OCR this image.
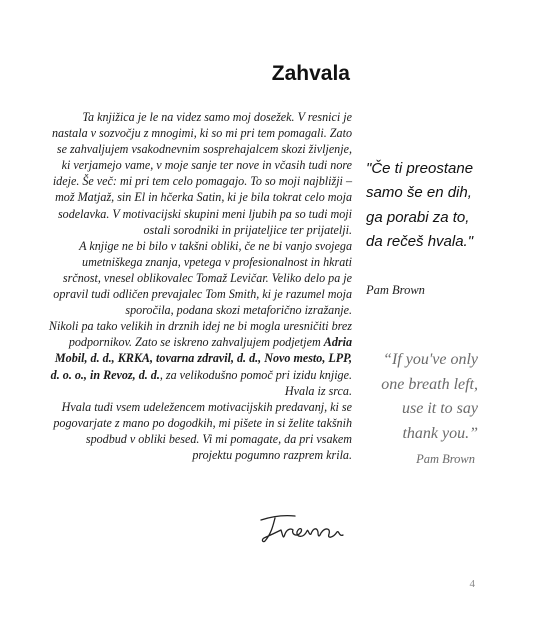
Zahvala

Ta knjižica je le na videz samo moj dosežek. V resnici je nastala v sozvočju z mnogimi, ki so mi pri tem pomagali. Zato se zahvaljujem vsakodnevnim sosprehajalcem skozi življenje, ki verjamejo vame, v moje sanje ter nove in včasih tudi nore ideje. Še več: mi pri tem celo pomagajo. To so moji najbližji – mož Matjaž, sin El in hčerka Satin, ki je bila tokrat celo moja sodelavka. V motivacijski skupini meni ljubih pa so tudi moji ostali sorodniki in prijateljice ter prijatelji.

A knjige ne bi bilo v takšni obliki, če ne bi vanjo svojega umetniškega znanja, vpetega v profesionalnost in hkrati srčnost, vnesel oblikovalec Tomaž Levičar. Veliko delo pa je opravil tudi odličen prevajalec Tom Smith, ki je razumel moja sporočila, podana skozi metaforično izražanje.

Nikoli pa tako velikih in drznih idej ne bi mogla uresničiti brez podpornikov. Zato se iskreno zahvaljujem podjetjem Adria Mobil, d. d., KRKA, tovarna zdravil, d. d., Novo mesto, LPP, d. o. o., in Revoz, d. d., za velikodušno pomoč pri izidu knjige. Hvala iz srca.

Hvala tudi vsem udeležencem motivacijskih predavanj, ki se pogovarjate z mano po dogodkih, mi pišete in si želite takšnih spodbud v obliki besed. Vi mi pomagate, da pri vsakem projektu pogumno razprem krila.

"Če ti preostane samo še en dih, ga porabi za to, da rečeš hvala."
Pam Brown
“If you've only one breath left, use it to say thank you.”
Pam Brown
4
